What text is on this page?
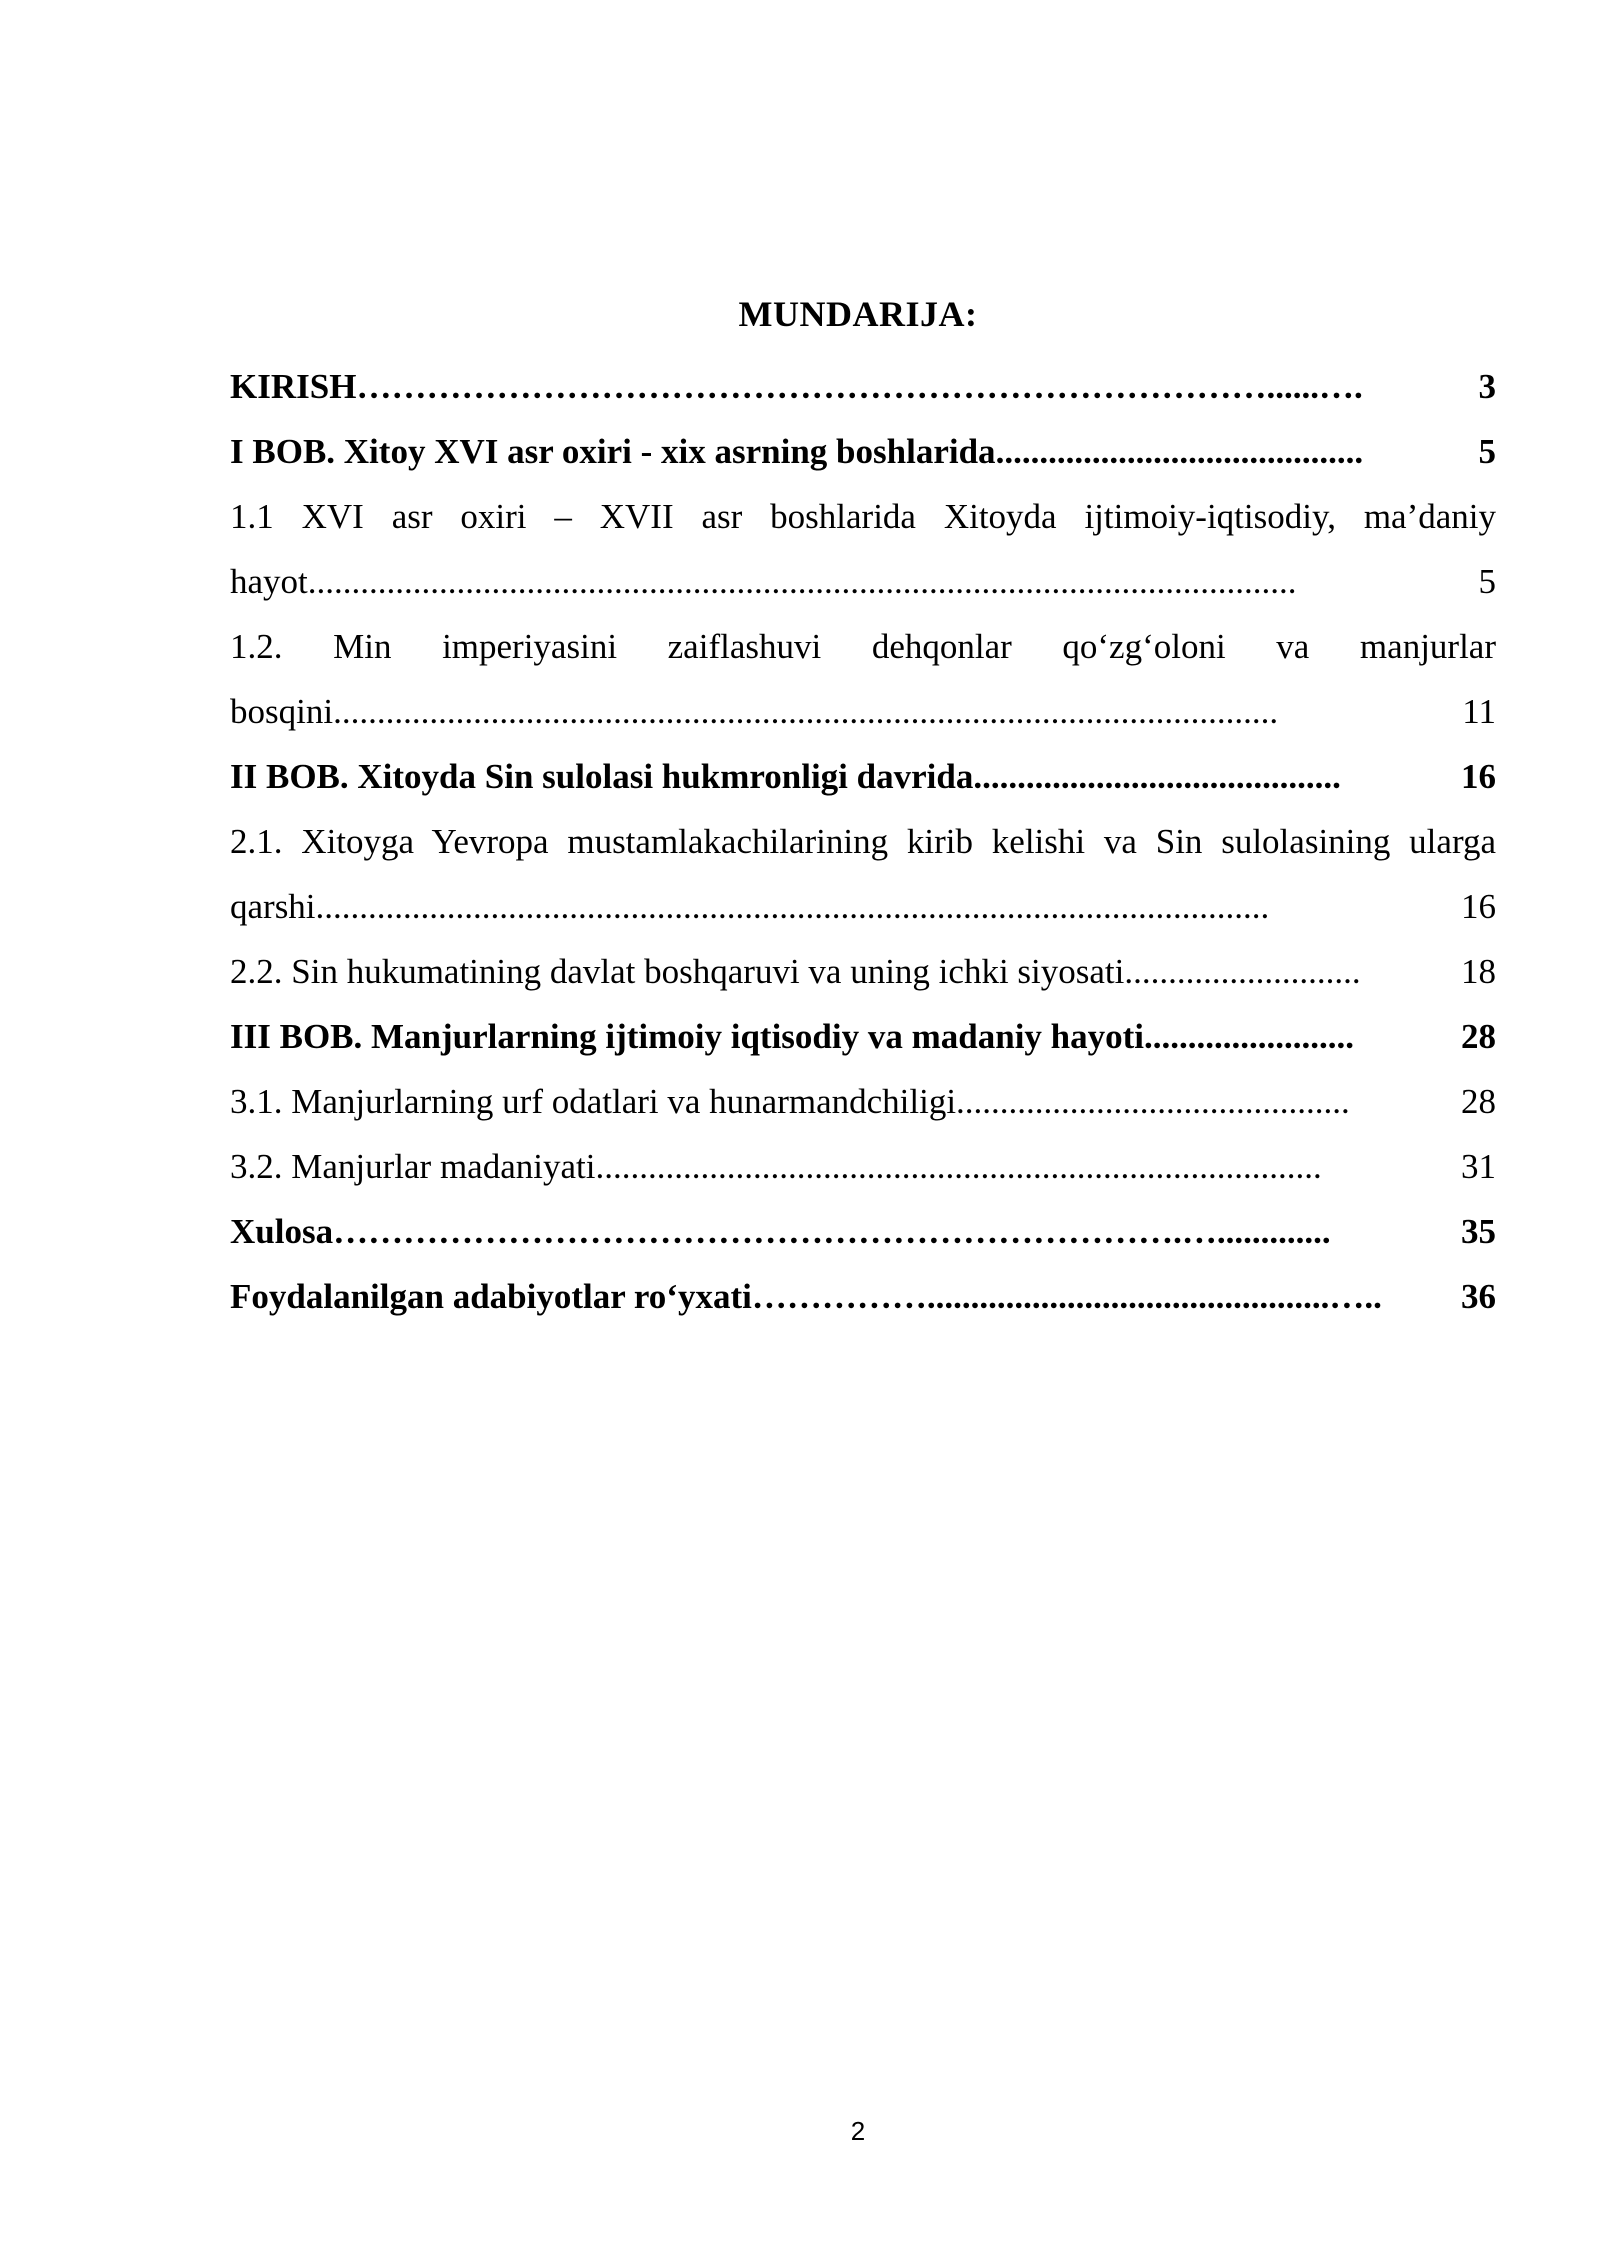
MUNDARIJA:
KIRISH ……………………………………………………………………......….	3
I BOB. Xitoy XVI asr oxiri - xix asrning boshlarida ..........................................	5
1.1 XVI asr oxiri – XVII asr boshlarida Xitoyda ijtimoiy-iqtisodiy, ma’daniy
hayot .................................................................................................................	5
1.2. Min imperiyasini zaiflashuvi dehqonlar qo‘zg‘oloni va manjurlar
bosqini ............................................................................................................	11
II BOB. Xitoyda Sin sulolasi hukmronligi davrida ..........................................	16
2.1. Xitoyga Yevropa mustamlakachilarining kirib kelishi va Sin sulolasining ularga
qarshi .............................................................................................................	16
2.2. Sin hukumatining davlat boshqaruvi va uning ichki siyosati ...........................	18
III BOB. Manjurlarning ijtimoiy iqtisodiy va madaniy hayoti ........................	28
3.1. Manjurlarning urf odatlari va hunarmandchiligi .............................................	28
3.2. Manjurlar madaniyati ...................................................................................	31
Xulosa ……………………………………………………………….….............	35
Foydalanilgan adabiyotlar ro‘yxati ……………..............................................…..	36
2
